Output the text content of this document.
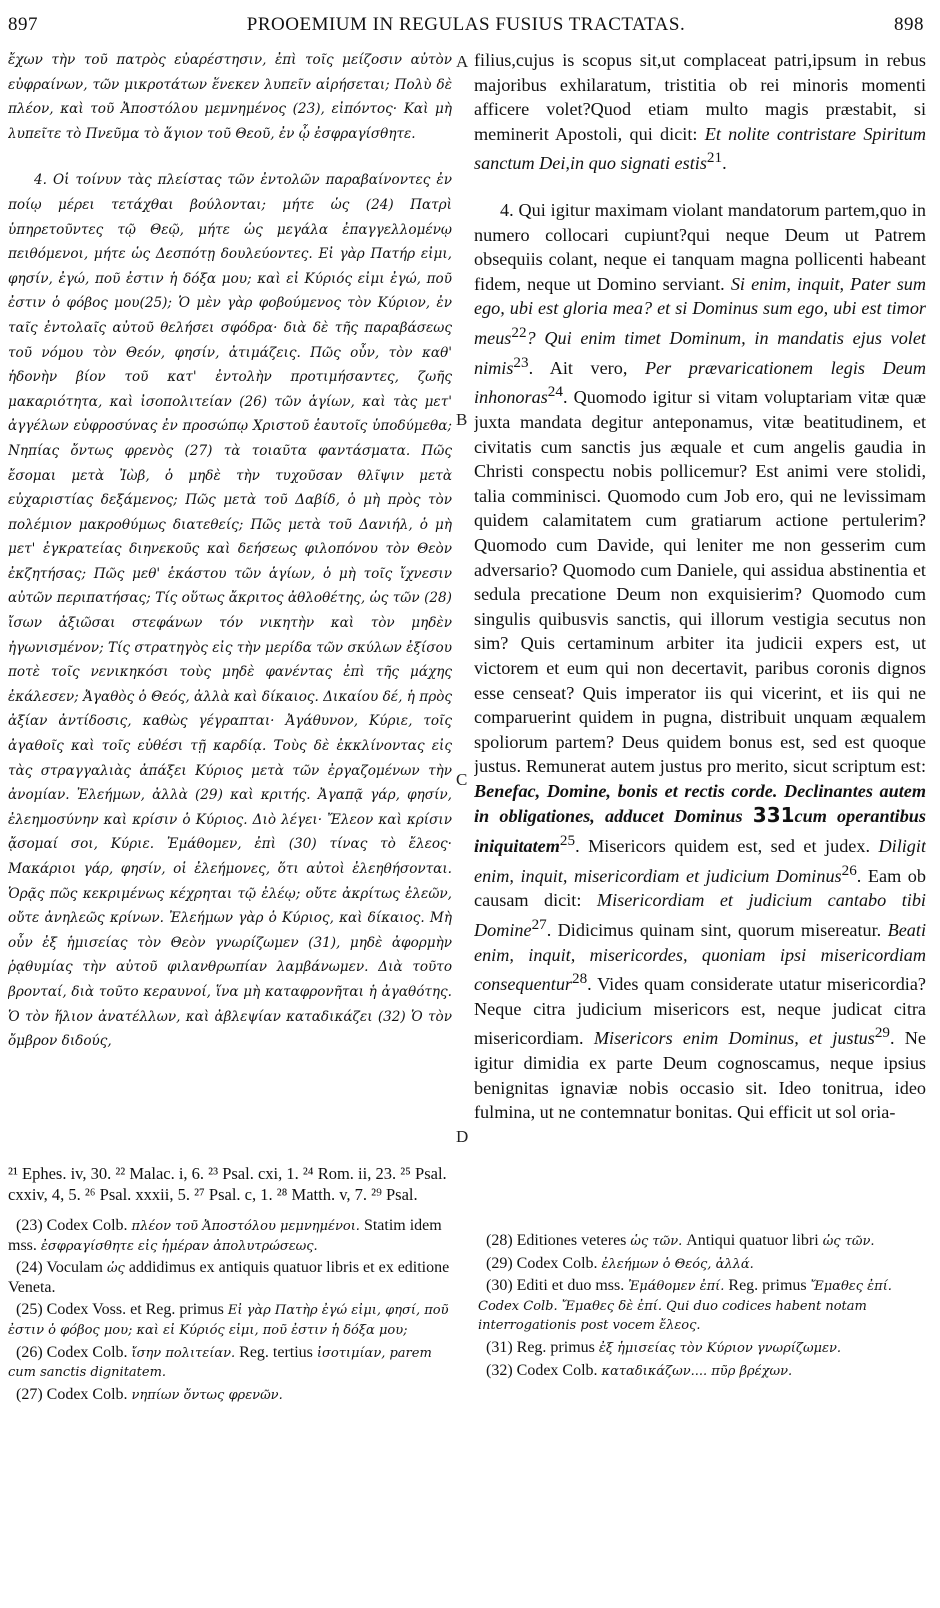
897	PROOEMIUM IN REGULAS FUSIUS TRACTATAS.	898
A
B
C
D

ἔχων τὴν τοῦ πατρὸς εὐαρέστησιν, ἐπὶ τοῖς μείζοσιν αὐτὸν εὐφραίνων, τῶν μικροτάτων ἕνεκεν λυπεῖν αἱρήσεται; Πολὺ δὲ πλέον, καὶ τοῦ Ἀποστόλου μεμνημένος (23), εἰπόντος· Καὶ μὴ λυπεῖτε τὸ Πνεῦμα τὸ ἅγιον τοῦ Θεοῦ, ἐν ᾧ ἐσφραγίσθητε.

4. Οἱ τοίνυν τὰς πλείστας τῶν ἐντολῶν παραβαίνοντες ἐν ποίῳ μέρει τετάχθαι βούλονται; μήτε ὡς (24) Πατρὶ ὑπηρετοῦντες τῷ Θεῷ, μήτε ὡς μεγάλα ἐπαγγελλομένῳ πειθόμενοι, μήτε ὡς Δεσπότῃ δουλεύοντες. Εἰ γὰρ Πατήρ εἰμι, φησίν, ἐγώ, ποῦ ἐστιν ἡ δόξα μου; καὶ εἰ Κύριός εἰμι ἐγώ, ποῦ ἐστιν ὁ φόβος μου(25); Ὁ μὲν γὰρ φοβούμενος τὸν Κύριον, ἐν ταῖς ἐντολαῖς αὐτοῦ θελήσει σφόδρα· διὰ δὲ τῆς παραβάσεως τοῦ νόμου τὸν Θεόν, φησίν, ἀτιμάζεις. Πῶς οὖν, τὸν καθ' ἡδονὴν βίον τοῦ κατ' ἐντολὴν προτιμήσαντες, ζωῆς μακαριότητα, καὶ ἰσοπολιτείαν (26) τῶν ἁγίων, καὶ τὰς μετ' ἀγγέλων εὐφροσύνας ἐν προσώπῳ Χριστοῦ ἑαυτοῖς ὑποδύμεθα; Νηπίας ὄντως φρενὸς (27) τὰ τοιαῦτα φαντάσματα. Πῶς ἔσομαι μετὰ Ἰὼβ, ὁ μηδὲ τὴν τυχοῦσαν θλῖψιν μετὰ εὐχαριστίας δεξάμενος; Πῶς μετὰ τοῦ Δαβίδ, ὁ μὴ πρὸς τὸν πολέμιον μακροθύμως διατεθείς; Πῶς μετὰ τοῦ Δανιήλ, ὁ μὴ μετ' ἐγκρατείας διηνεκοῦς καὶ δεήσεως φιλοπόνου τὸν Θεὸν ἐκζητήσας; Πῶς μεθ' ἑκάστου τῶν ἁγίων, ὁ μὴ τοῖς ἴχνεσιν αὐτῶν περιπατήσας; Τίς οὕτως ἄκριτος ἀθλοθέτης, ὡς τῶν (28) ἴσων ἀξιῶσαι στεφάνων τόν νικητὴν καὶ τὸν μηδὲν ἠγωνισμένον; Τίς στρατηγὸς εἰς τὴν μερίδα τῶν σκύλων ἐξίσου ποτὲ τοῖς νενικηκόσι τοὺς μηδὲ φανέντας ἐπὶ τῆς μάχης ἐκάλεσεν; Ἀγαθὸς ὁ Θεός, ἀλλὰ καὶ δίκαιος. Δικαίου δέ, ἡ πρὸς ἀξίαν ἀντίδοσις, καθὼς γέγραπται· Ἀγάθυνον, Κύριε, τοῖς ἀγαθοῖς καὶ τοῖς εὐθέσι τῇ καρδίᾳ. Τοὺς δὲ ἐκκλίνοντας εἰς τὰς στραγγαλιὰς ἀπάξει Κύριος μετὰ τῶν ἐργαζομένων τὴν ἀνομίαν. Ἐλεήμων, ἀλλὰ (29) καὶ κριτής. Ἀγαπᾷ γάρ, φησίν, ἐλεημοσύνην καὶ κρίσιν ὁ Κύριος. Διὸ λέγει· Ἔλεον καὶ κρίσιν ᾄσομαί σοι, Κύριε. Ἐμάθομεν, ἐπὶ (30) τίνας τὸ ἔλεος· Μακάριοι γάρ, φησίν, οἱ ἐλεήμονες, ὅτι αὐτοὶ ἐλεηθήσονται. Ὁρᾷς πῶς κεκριμένως κέχρηται τῷ ἐλέῳ; οὔτε ἀκρίτως ἐλεῶν, οὔτε ἀνηλεῶς κρίνων. Ἐλεήμων γὰρ ὁ Κύριος, καὶ δίκαιος. Μὴ οὖν ἐξ ἡμισείας τὸν Θεὸν γνωρίζωμεν (31), μηδὲ ἀφορμὴν ῥᾳθυμίας τὴν αὐτοῦ φιλανθρωπίαν λαμβάνωμεν. Διὰ τοῦτο βρονταί, διὰ τοῦτο κεραυνοί, ἵνα μὴ καταφρονῆται ἡ ἀγαθότης. Ὁ τὸν ἥλιον ἀνατέλλων, καὶ ἀβλεψίαν καταδικάζει (32) Ὁ τὸν ὄμβρον διδούς,

filius,cujus is scopus sit,ut complaceat patri,ipsum in rebus majoribus exhilaratum, tristitia ob rei minoris momenti afficere volet?Quod etiam multo magis præstabit, si meminerit Apostoli, qui dicit: Et nolite contristare Spiritum sanctum Dei,in quo signati estis$^{21}$.

4. Qui igitur maximam violant mandatorum partem,quo in numero collocari cupiunt?qui neque Deum ut Patrem obsequiis colant, neque ei tanquam magna pollicenti habeant fidem, neque ut Domino serviant. Si enim, inquit, Pater sum ego, ubi est gloria mea? et si Dominus sum ego, ubi est timor meus$^{22}$? Qui enim timet Dominum, in mandatis ejus volet nimis$^{23}$. Ait vero, Per prævaricationem legis Deum inhonoras$^{24}$. Quomodo igitur si vitam voluptariam vitæ quæ juxta mandata degitur anteponamus, vitæ beatitudinem, et civitatis cum sanctis jus æquale et cum angelis gaudia in Christi conspectu nobis pollicemur? Est animi vere stolidi, talia comminisci. Quomodo cum Job ero, qui ne levissimam quidem calamitatem cum gratiarum actione pertulerim? Quomodo cum Davide, qui leniter me non gesserim cum adversario? Quomodo cum Daniele, qui assidua abstinentia et sedula precatione Deum non exquisierim? Quomodo cum singulis quibusvis sanctis, qui illorum vestigia secutus non sim? Quis certaminum arbiter ita judicii expers est, ut victorem et eum qui non decertavit, paribus coronis dignos esse censeat? Quis imperator iis qui vicerint, et iis qui ne comparuerint quidem in pugna, distribuit unquam æqualem spoliorum partem? Deus quidem bonus est, sed est quoque justus. Remunerat autem justus pro merito, sicut scriptum est: Benefac, Domine, bonis et rectis corde. Declinantes autem in obligationes, adducet Dominus 331cum operantibus iniquitatem$^{25}$. Misericors quidem est, sed et judex. Diligit enim, inquit, misericordiam et judicium Dominus$^{26}$. Eam ob causam dicit: Misericordiam et judicium cantabo tibi Domine$^{27}$. Didicimus quinam sint, quorum misereatur. Beati enim, inquit, misericordes, quoniam ipsi misericordiam consequentur$^{28}$. Vides quam considerate utatur misericordia? Neque citra judicium misericors est, neque judicat citra misericordiam. Misericors enim Dominus, et justus$^{29}$. Ne igitur dimidia ex parte Deum cognoscamus, neque ipsius benignitas ignaviæ nobis occasio sit. Ideo tonitrua, ideo fulmina, ut ne contemnatur bonitas. Qui efficit ut sol oria-

²¹ Ephes. iv, 30. ²² Malac. i, 6. ²³ Psal. cxi, 1. ²⁴ Rom. ii, 23. ²⁵ Psal. cxxiv, 4, 5. ²⁶ Psal. xxxii, 5. ²⁷ Psal. c, 1. ²⁸ Matth. v, 7. ²⁹ Psal.

(23) Codex Colb. πλέον τοῦ Ἀποστόλου μεμνημένοι. Statim idem mss. ἐσφραγίσθητε εἰς ἡμέραν ἀπολυτρώσεως.

(24) Voculam ὡς addidimus ex antiquis quatuor libris et ex editione Veneta.

(25) Codex Voss. et Reg. primus Εἰ γὰρ Πατὴρ ἐγώ εἰμι, φησί, ποῦ ἐστιν ὁ φόβος μου; καὶ εἰ Κύριός εἰμι, ποῦ ἐστιν ἡ δόξα μου;

(26) Codex Colb. ἴσην πολιτείαν. Reg. tertius ἰσοτιμίαν, parem cum sanctis dignitatem.

(27) Codex Colb. νηπίων ὄντως φρενῶν.

(28) Editiones veteres ὡς τῶν. Antiqui quatuor libri ὡς τῶν.

(29) Codex Colb. ἐλεήμων ὁ Θεός, ἀλλά.

(30) Editi et duo mss. Ἐμάθομεν ἐπί. Reg. primus Ἔμαθες ἐπί. Codex Colb. Ἔμαθες δὲ ἐπί. Qui duo codices habent notam interrogationis post vocem ἔλεος.

(31) Reg. primus ἐξ ἡμισείας τὸν Κύριον γνωρίζωμεν.

(32) Codex Colb. καταδικάζων.... πῦρ βρέχων.
